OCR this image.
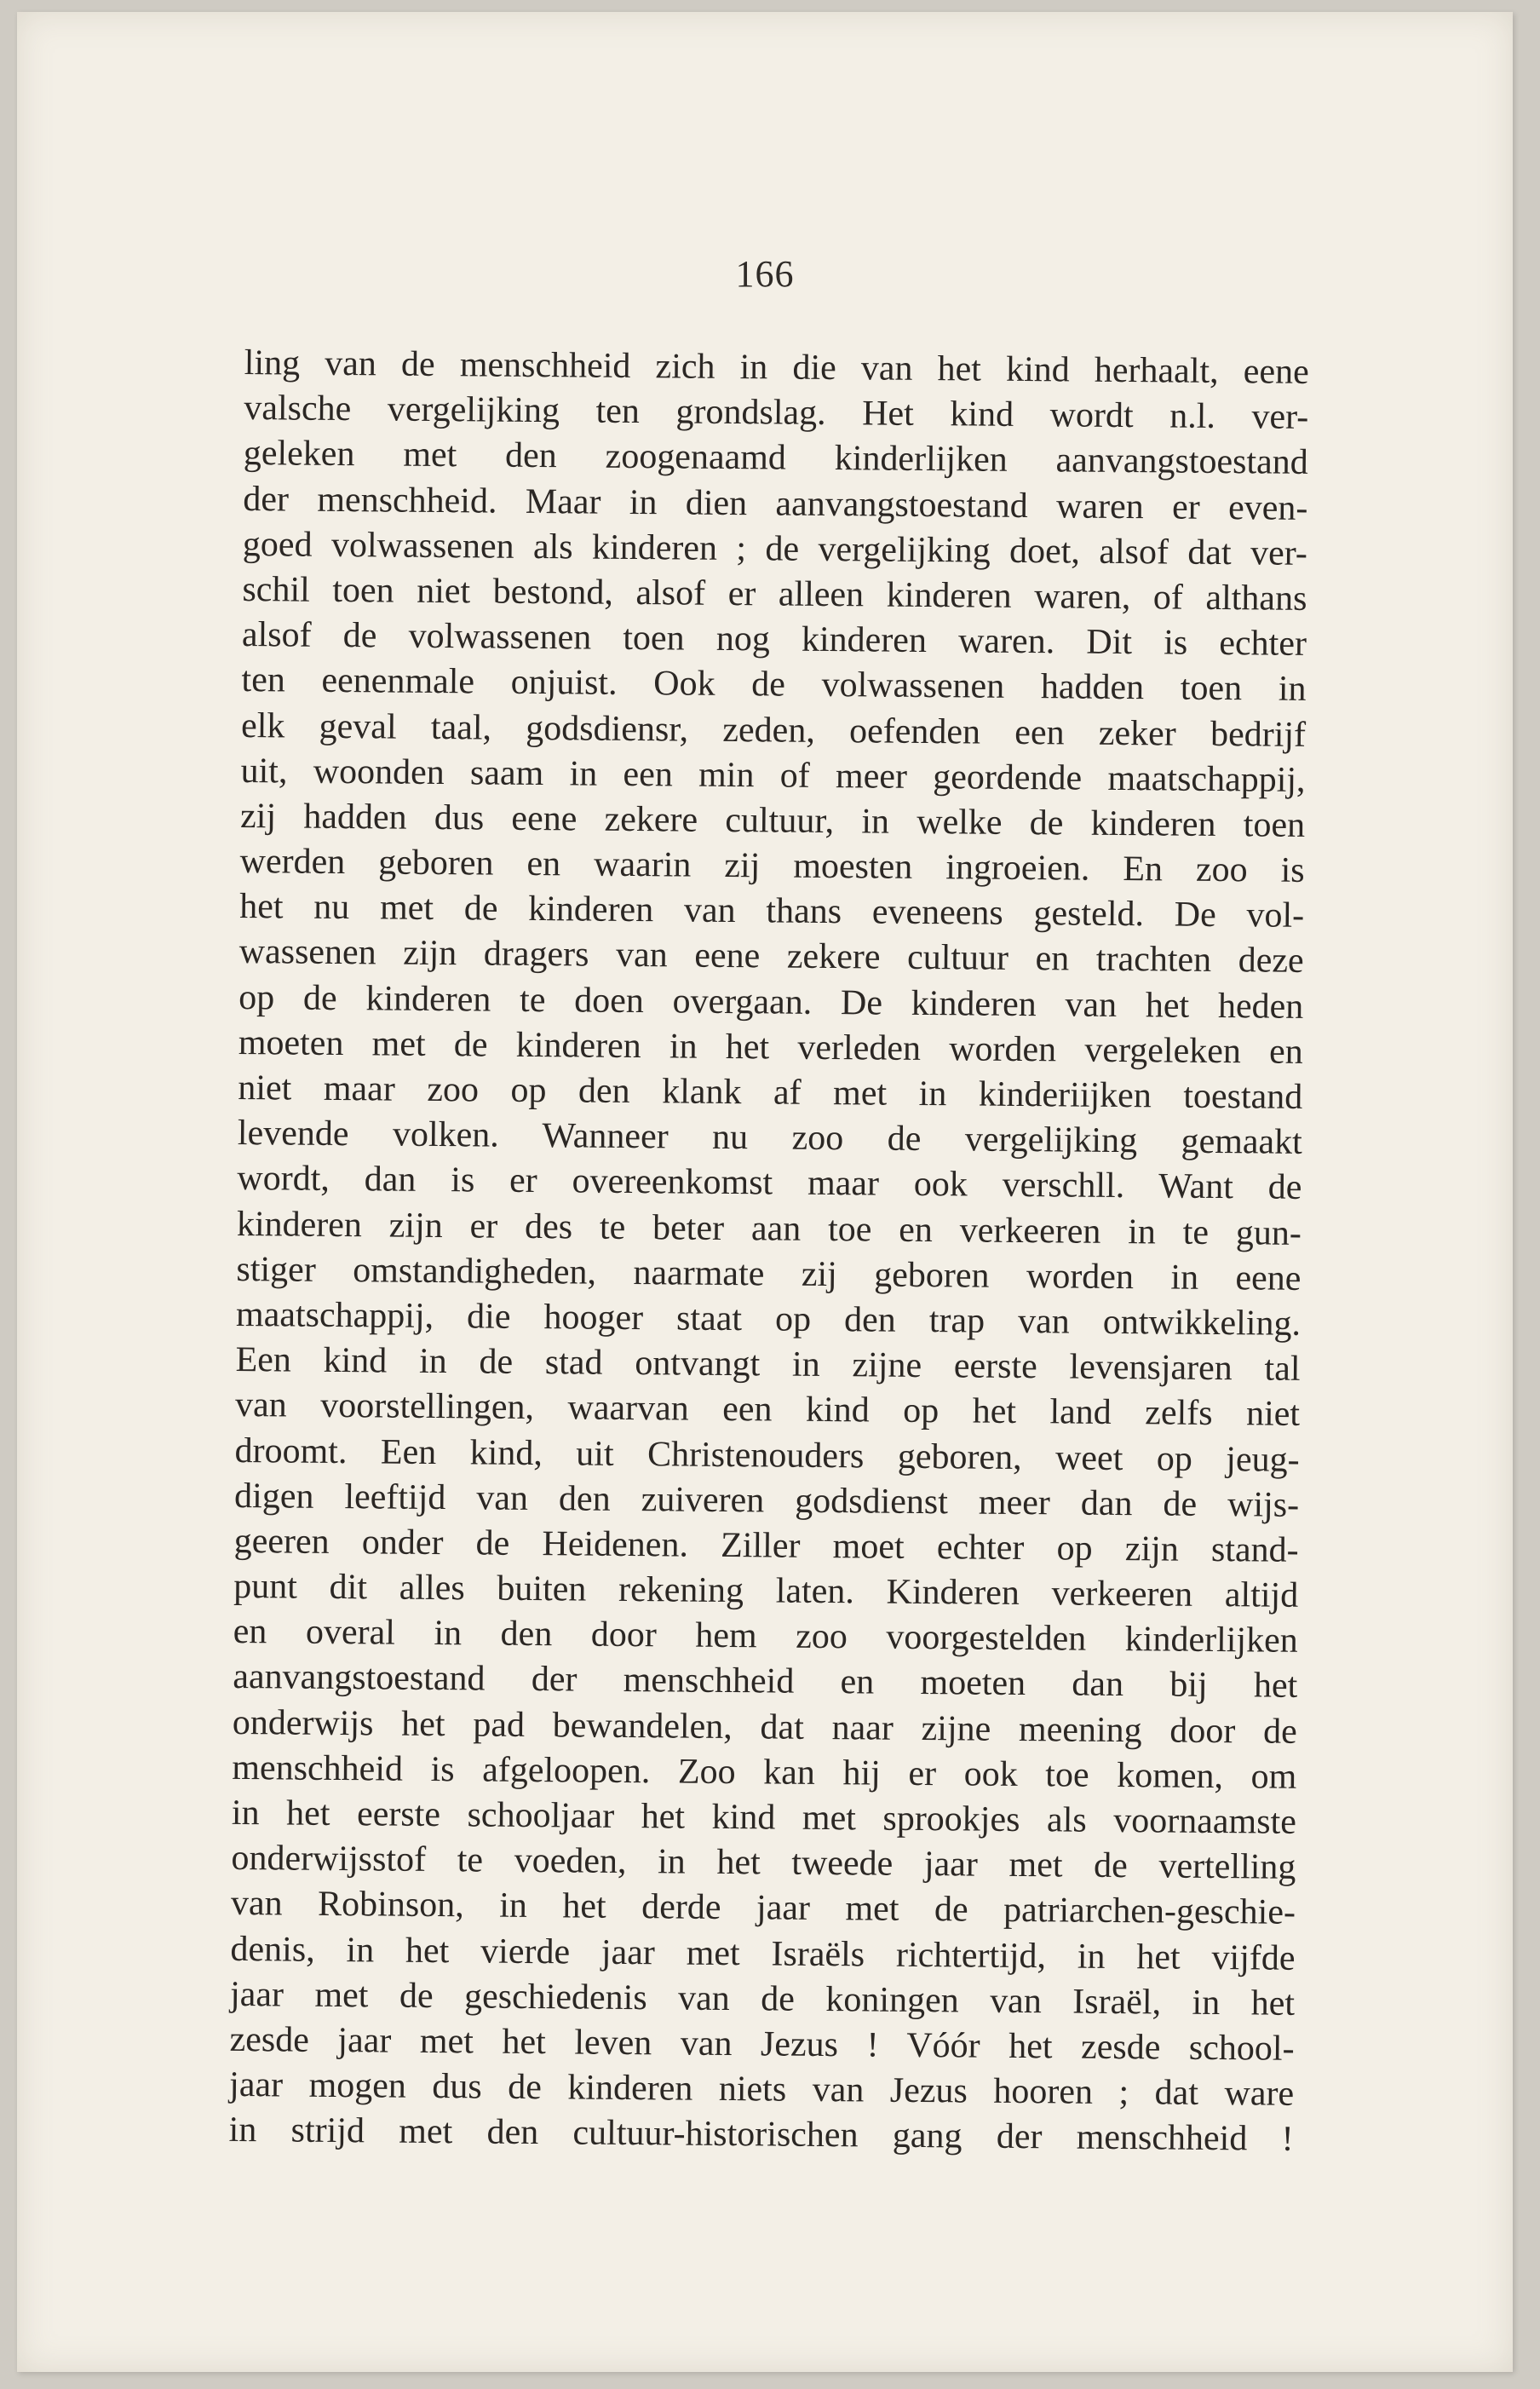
166
ling van de menschheid zich in die van het kind herhaalt, eene
valsche vergelijking ten grondslag. Het kind wordt n.l. ver-
geleken met den zoogenaamd kinderlijken aanvangstoestand
der menschheid. Maar in dien aanvangstoestand waren er even-
goed volwassenen als kinderen ; de vergelijking doet, alsof dat ver-
schil toen niet bestond, alsof er alleen kinderen waren, of althans
alsof de volwassenen toen nog kinderen waren. Dit is echter
ten eenenmale onjuist. Ook de volwassenen hadden toen in
elk geval taal, godsdiensr, zeden, oefenden een zeker bedrijf
uit, woonden saam in een min of meer geordende maatschappij,
zij hadden dus eene zekere cultuur, in welke de kinderen toen
werden geboren en waarin zij moesten ingroeien. En zoo is
het nu met de kinderen van thans eveneens gesteld. De vol-
wassenen zijn dragers van eene zekere cultuur en trachten deze
op de kinderen te doen overgaan. De kinderen van het heden
moeten met de kinderen in het verleden worden vergeleken en
niet maar zoo op den klank af met in kinderiijken toestand
levende volken. Wanneer nu zoo de vergelijking gemaakt
wordt, dan is er overeenkomst maar ook verschll. Want de
kinderen zijn er des te beter aan toe en verkeeren in te gun-
stiger omstandigheden, naarmate zij geboren worden in eene
maatschappij, die hooger staat op den trap van ontwikkeling.
Een kind in de stad ontvangt in zijne eerste levensjaren tal
van voorstellingen, waarvan een kind op het land zelfs niet
droomt. Een kind, uit Christenouders geboren, weet op jeug-
digen leeftijd van den zuiveren godsdienst meer dan de wijs-
geeren onder de Heidenen. Ziller moet echter op zijn stand-
punt dit alles buiten rekening laten. Kinderen verkeeren altijd
en overal in den door hem zoo voorgestelden kinderlijken
aanvangstoestand der menschheid en moeten dan bij het
onderwijs het pad bewandelen, dat naar zijne meening door de
menschheid is afgeloopen. Zoo kan hij er ook toe komen, om
in het eerste schooljaar het kind met sprookjes als voornaamste
onderwijsstof te voeden, in het tweede jaar met de vertelling
van Robinson, in het derde jaar met de patriarchen-geschie-
denis, in het vierde jaar met Israëls richtertijd, in het vijfde
jaar met de geschiedenis van de koningen van Israël, in het
zesde jaar met het leven van Jezus ! Vóór het zesde school-
jaar mogen dus de kinderen niets van Jezus hooren ; dat ware
in strijd met den cultuur-historischen gang der menschheid !
